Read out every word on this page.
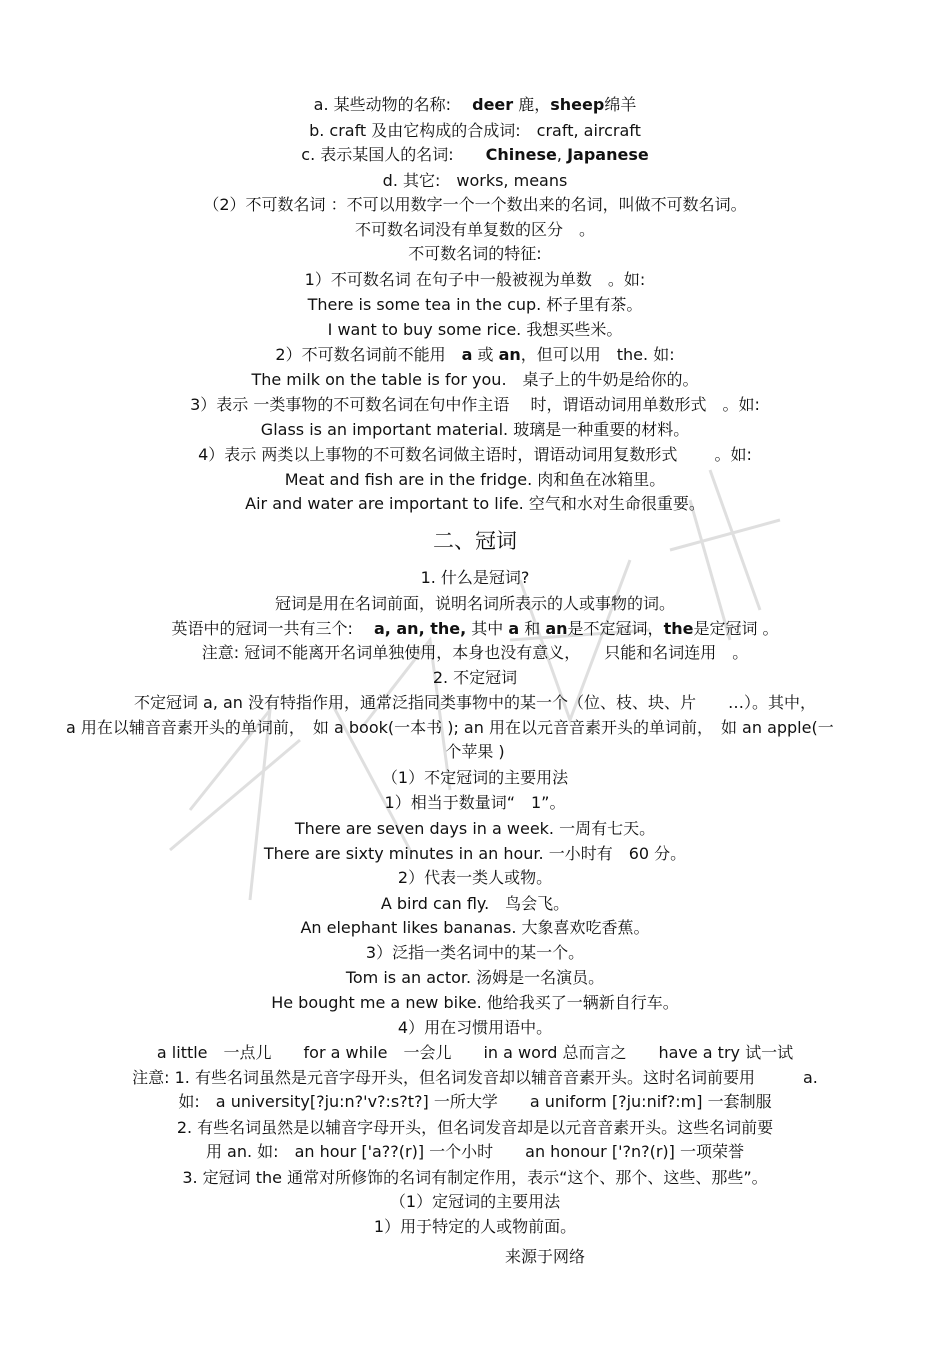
a. 某些动物的名称:　 deer 鹿，sheep绵羊
b. craft 及由它构成的合成词:　craft, aircraft
c. 表示某国人的名词:　　Chinese, Japanese
d. 其它:　works, means
（2）不可数名词 ：不可以用数字一个一个数出来的名词，叫做不可数名词。
不可数名词没有单复数的区分　。
不可数名词的特征:
1）不可数名词 在句子中一般被视为单数　。如:
There is some tea in the cup. 杯子里有茶。
I want to buy some rice. 我想买些米。
2）不可数名词前不能用　a 或 an，但可以用　the. 如:
The milk on the table is for you.　桌子上的牛奶是给你的。
3）表示 一类事物的不可数名词在句中作主语　 时，谓语动词用单数形式　。如:
Glass is an important material. 玻璃是一种重要的材料。
4）表示 两类以上事物的不可数名词做主语时，谓语动词用复数形式　　 。如:
Meat and fish are in the fridge. 肉和鱼在冰箱里。
Air and water are important to life. 空气和水对生命很重要。
二、冠词
1. 什么是冠词?
冠词是用在名词前面，说明名词所表示的人或事物的词。
英语中的冠词一共有三个:　 a, an, the, 其中 a 和 an是不定冠词，the是定冠词 。
注意: 冠词不能离开名词单独使用，本身也没有意义，　　只能和名词连用　。
2. 不定冠词
不定冠词 a, an 没有特指作用，通常泛指同类事物中的某一个（位、枝、块、片　　…）。其中，
a 用在以辅音音素开头的单词前，　如 a book(一本书 ); an 用在以元音音素开头的单词前，　如 an apple(一
个苹果 )
（1）不定冠词的主要用法
1）相当于数量词“　1”。
There are seven days in a week. 一周有七天。
There are sixty minutes in an hour. 一小时有　60 分。
2）代表一类人或物。
A bird can fly.　鸟会飞。
An elephant likes bananas. 大象喜欢吃香蕉。
3）泛指一类名词中的某一个。
Tom is an actor. 汤姆是一名演员。
He bought me a new bike. 他给我买了一辆新自行车。
4）用在习惯用语中。
a little　一点儿　　for a while　一会儿　　in a word 总而言之　　have a try 试一试
注意: 1. 有些名词虽然是元音字母开头，但名词发音却以辅音音素开头。这时名词前要用　　　a.
如:　a university[?ju:n?'v?:s?t?] 一所大学　　a uniform [?ju:nif?:m] 一套制服
2. 有些名词虽然是以辅音字母开头，但名词发音却是以元音音素开头。这些名词前要
用 an. 如:　an hour ['a??(r)] 一个小时　　an honour ['?n?(r)] 一项荣誉
3. 定冠词 the 通常对所修饰的名词有制定作用，表示“这个、那个、这些、那些”。
（1）定冠词的主要用法
1）用于特定的人或物前面。
来源于网络
